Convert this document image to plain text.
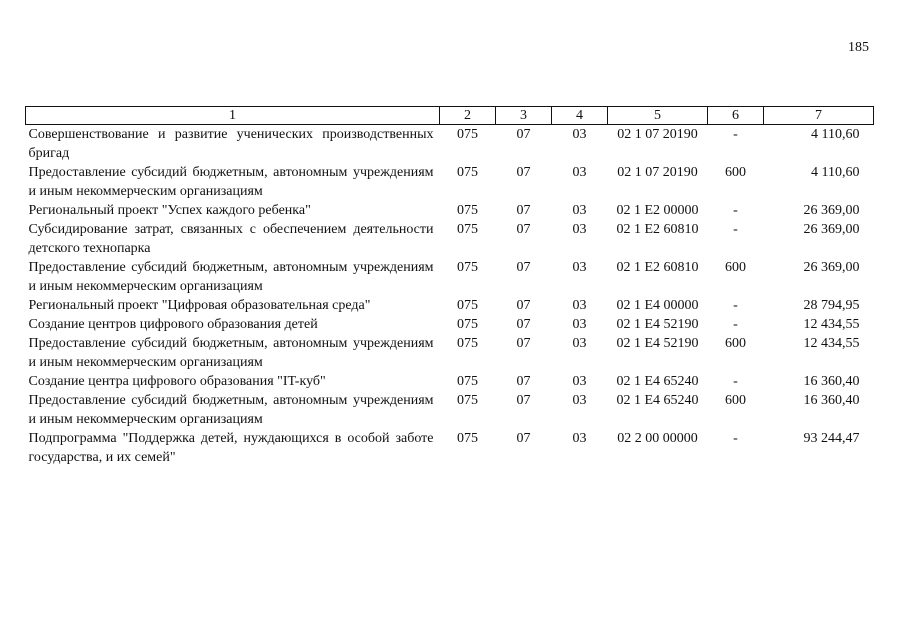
185
1	2	3	4	5	6	7
Совершенствование и развитие ученических производственных бригад	075	07	03	02 1 07 20190	-	4 110,60
Предоставление субсидий бюджетным, автономным учреждениям и иным некоммерческим организациям	075	07	03	02 1 07 20190	600	4 110,60
Региональный проект "Успех каждого ребенка"	075	07	03	02 1 E2 00000	-	26 369,00
Субсидирование затрат, связанных с обеспечением деятельности детского технопарка	075	07	03	02 1 E2 60810	-	26 369,00
Предоставление субсидий бюджетным, автономным учреждениям и иным некоммерческим организациям	075	07	03	02 1 E2 60810	600	26 369,00
Региональный проект "Цифровая образовательная среда"	075	07	03	02 1 E4 00000	-	28 794,95
Создание центров цифрового образования детей	075	07	03	02 1 E4 52190	-	12 434,55
Предоставление субсидий бюджетным, автономным учреждениям и иным некоммерческим организациям	075	07	03	02 1 E4 52190	600	12 434,55
Создание центра цифрового образования "IT-куб"	075	07	03	02 1 E4 65240	-	16 360,40
Предоставление субсидий бюджетным, автономным учреждениям и иным некоммерческим организациям	075	07	03	02 1 E4 65240	600	16 360,40
Подпрограмма "Поддержка детей, нуждающихся в особой заботе государства, и их семей"	075	07	03	02 2 00 00000	-	93 244,47
